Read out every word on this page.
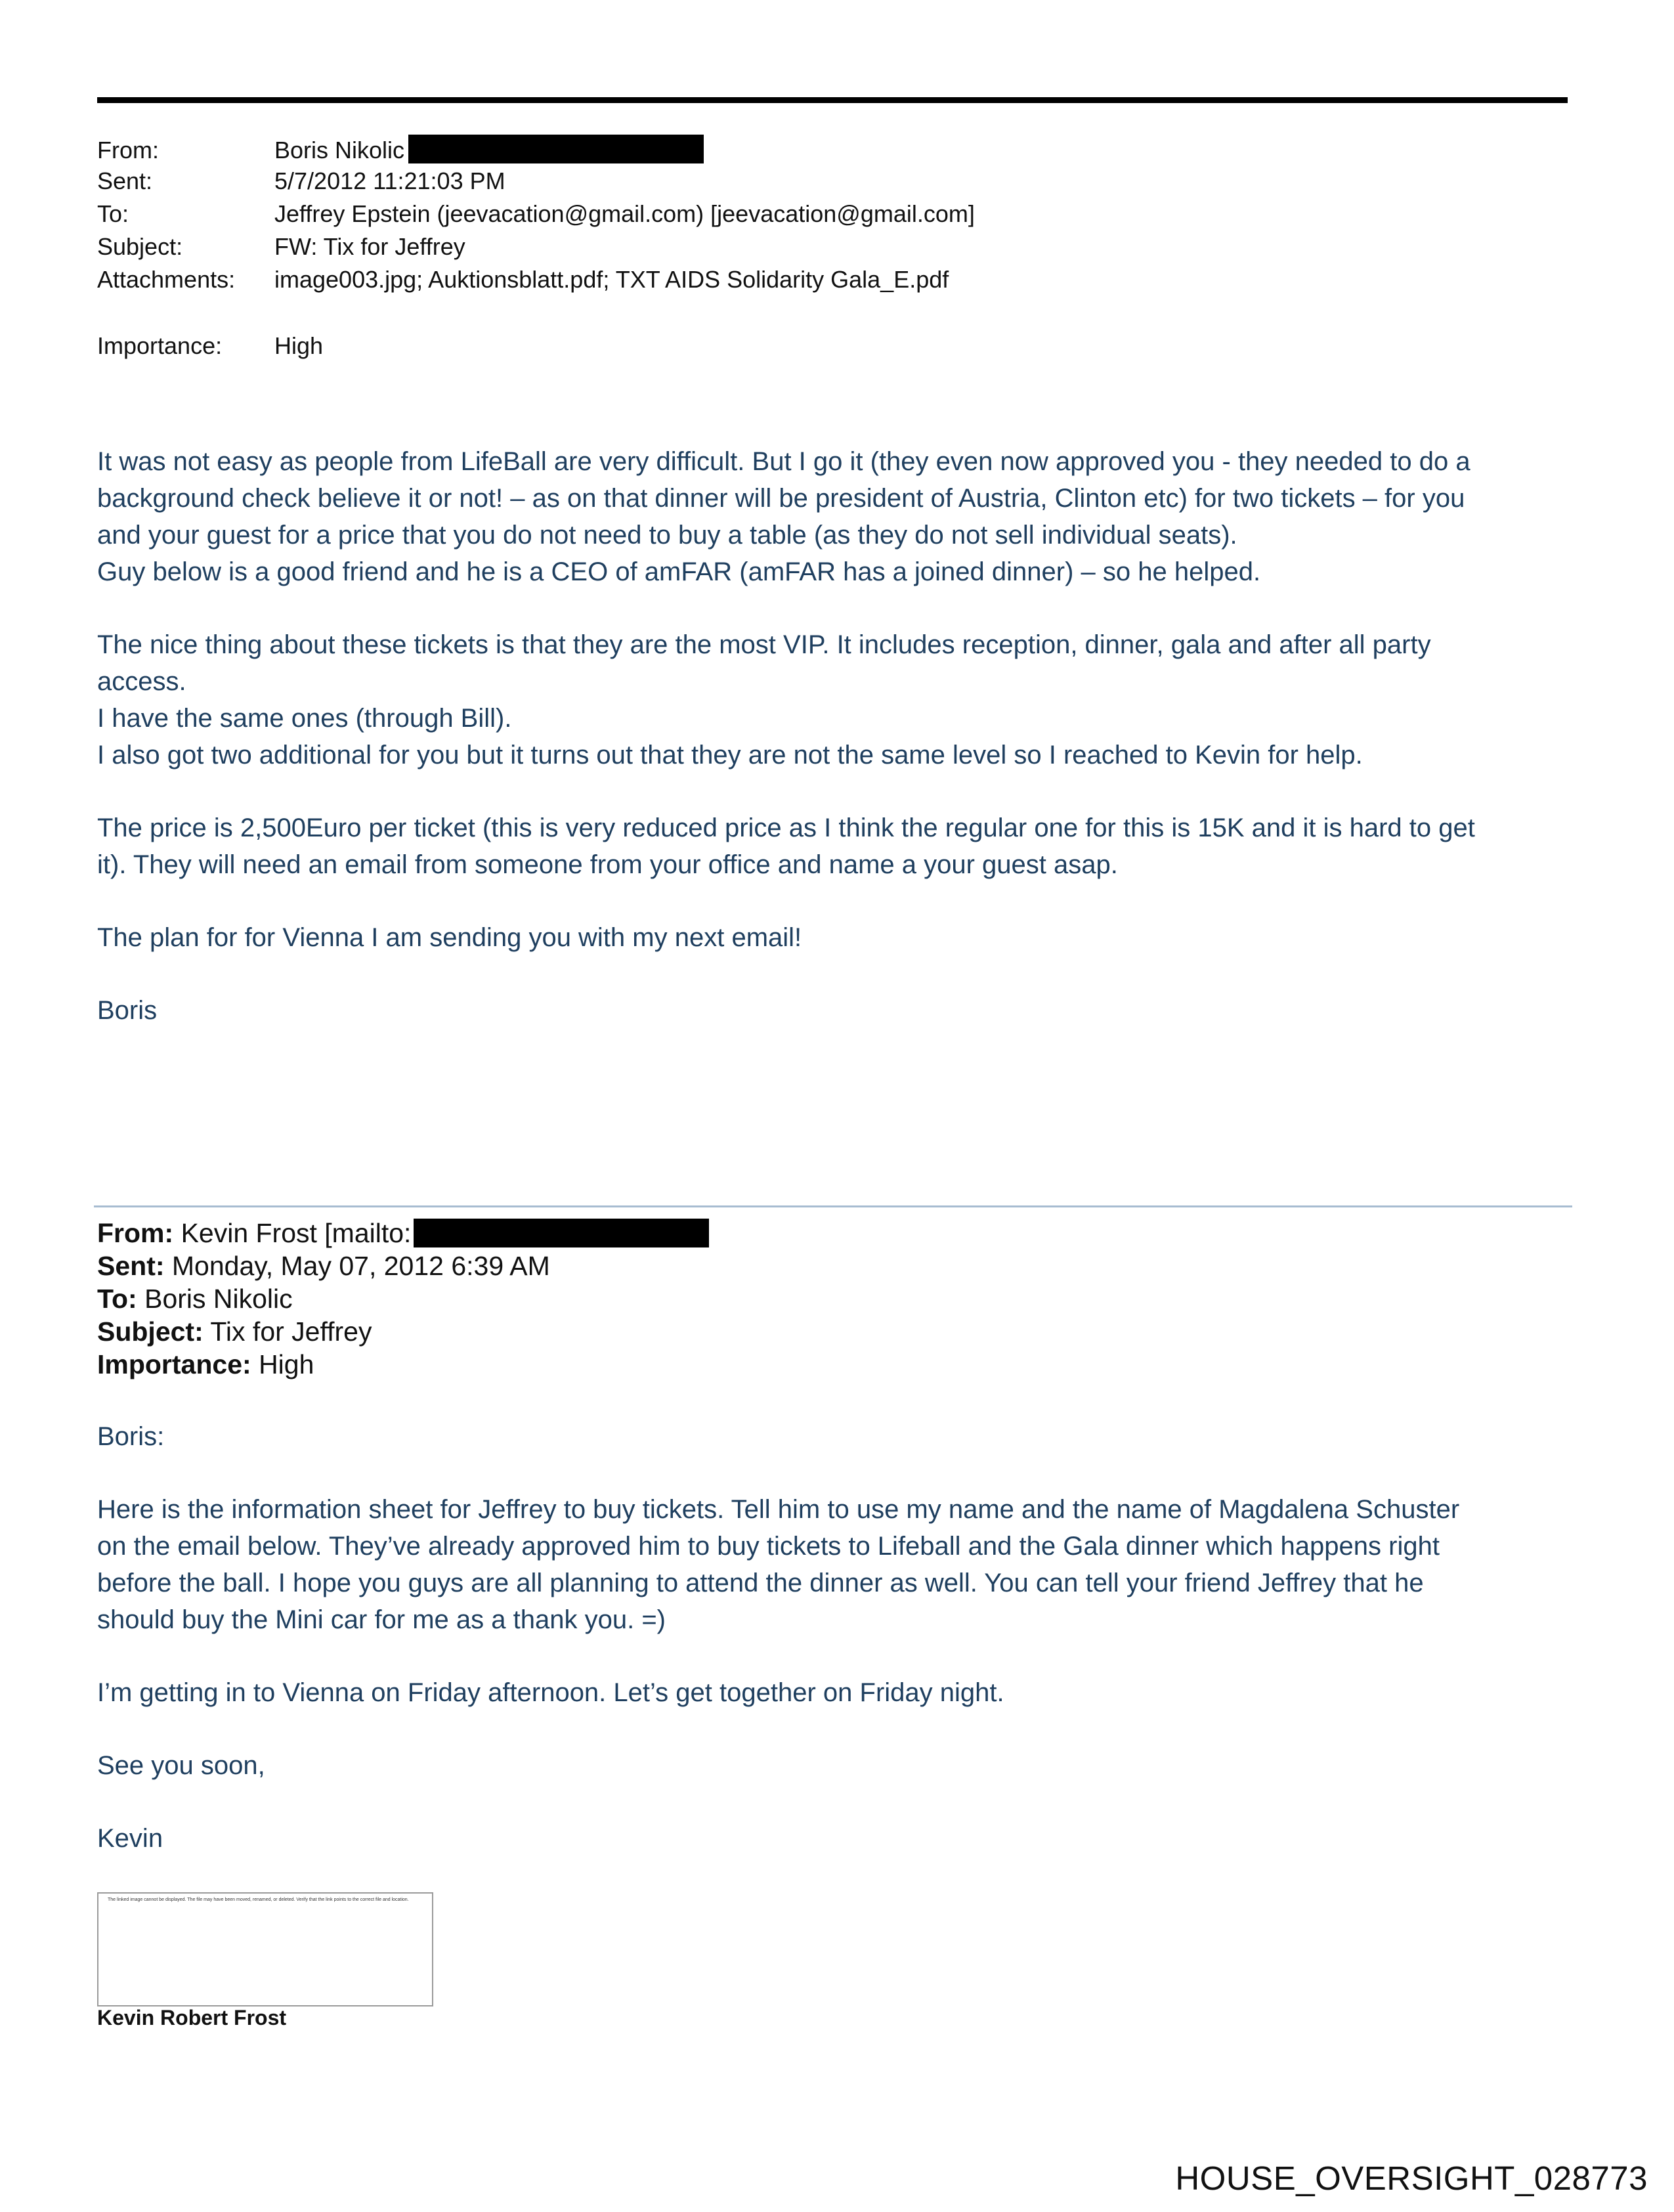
From:	Boris Nikolic
Sent:	5/7/2012 11:21:03 PM
To:	Jeffrey Epstein (jeevacation@gmail.com) [jeevacation@gmail.com]
Subject:	FW: Tix for Jeffrey
Attachments:	image003.jpg; Auktionsblatt.pdf; TXT AIDS Solidarity Gala_E.pdf
Importance:	High

It was not easy as people from LifeBall are very difficult. But I go it (they even now approved you - they needed to do a
background check believe it or not! – as on that dinner will be president of Austria, Clinton etc) for two tickets – for you
and your guest for a price that you do not need to buy a table (as they do not sell individual seats).
Guy below is a good friend and he is a CEO of amFAR (amFAR has a joined dinner) – so he helped.

The nice thing about these tickets is that they are the most VIP. It includes reception, dinner, gala and after all party
access.
I have the same ones (through Bill).
I also got two additional for you but it turns out that they are not the same level so I reached to Kevin for help.

The price is 2,500Euro per ticket (this is very reduced price as I think the regular one for this is 15K and it is hard to get
it). They will need an email from someone from your office and name a your guest asap.

The plan for for Vienna I am sending you with my next email!

Boris

From: Kevin Frost [mailto:
Sent: Monday, May 07, 2012 6:39 AM
To: Boris Nikolic
Subject: Tix for Jeffrey
Importance: High

Boris:

Here is the information sheet for Jeffrey to buy tickets. Tell him to use my name and the name of Magdalena Schuster
on the email below. They’ve already approved him to buy tickets to Lifeball and the Gala dinner which happens right
before the ball. I hope you guys are all planning to attend the dinner as well. You can tell your friend Jeffrey that he
should buy the Mini car for me as a thank you. =)

I’m getting in to Vienna on Friday afternoon. Let’s get together on Friday night.

See you soon,

Kevin

The linked image cannot be displayed. The file may have been moved, renamed, or deleted. Verify that the link points to the correct file and location.
Kevin Robert Frost
HOUSE_OVERSIGHT_028773
